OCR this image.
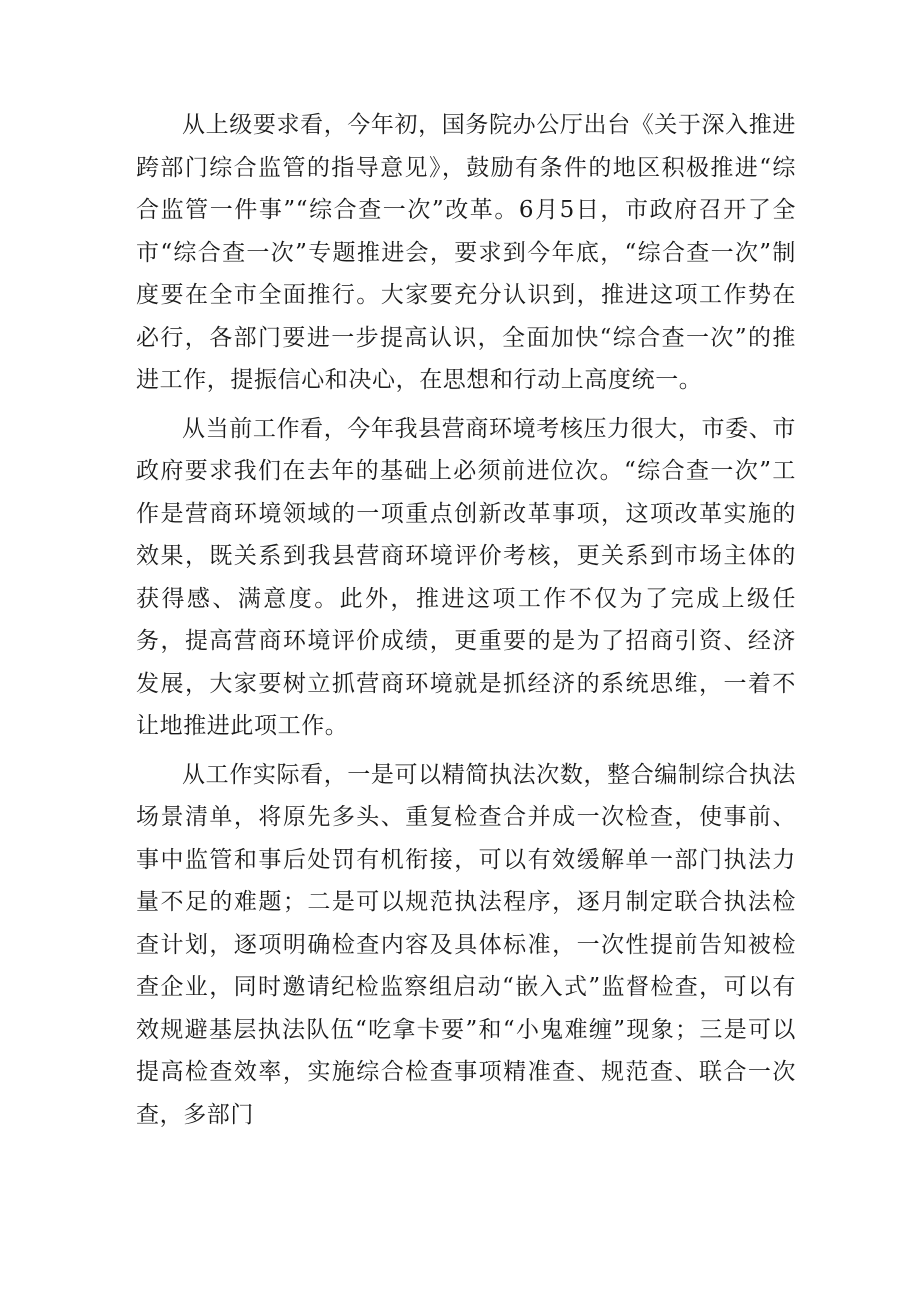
从上级要求看，今年初，国务院办公厅出台《关于深入推进跨部门综合监管的指导意见》，鼓励有条件的地区积极推进“综合监管一件事”“综合查一次”改革。6月5日，市政府召开了全市“综合查一次”专题推进会，要求到今年底，“综合查一次”制度要在全市全面推行。大家要充分认识到，推进这项工作势在必行，各部门要进一步提高认识，全面加快“综合查一次”的推进工作，提振信心和决心，在思想和行动上高度统一。

从当前工作看，今年我县营商环境考核压力很大，市委、市政府要求我们在去年的基础上必须前进位次。“综合查一次”工作是营商环境领域的一项重点创新改革事项，这项改革实施的效果，既关系到我县营商环境评价考核，更关系到市场主体的获得感、满意度。此外，推进这项工作不仅为了完成上级任务，提高营商环境评价成绩，更重要的是为了招商引资、经济发展，大家要树立抓营商环境就是抓经济的系统思维，一着不让地推进此项工作。

从工作实际看，一是可以精简执法次数，整合编制综合执法场景清单，将原先多头、重复检查合并成一次检查，使事前、事中监管和事后处罚有机衔接，可以有效缓解单一部门执法力量不足的难题；二是可以规范执法程序，逐月制定联合执法检查计划，逐项明确检查内容及具体标准，一次性提前告知被检查企业，同时邀请纪检监察组启动“嵌入式”监督检查，可以有效规避基层执法队伍“吃拿卡要”和“小鬼难缠”现象；三是可以提高检查效率，实施综合检查事项精准查、规范查、联合一次查，多部门
